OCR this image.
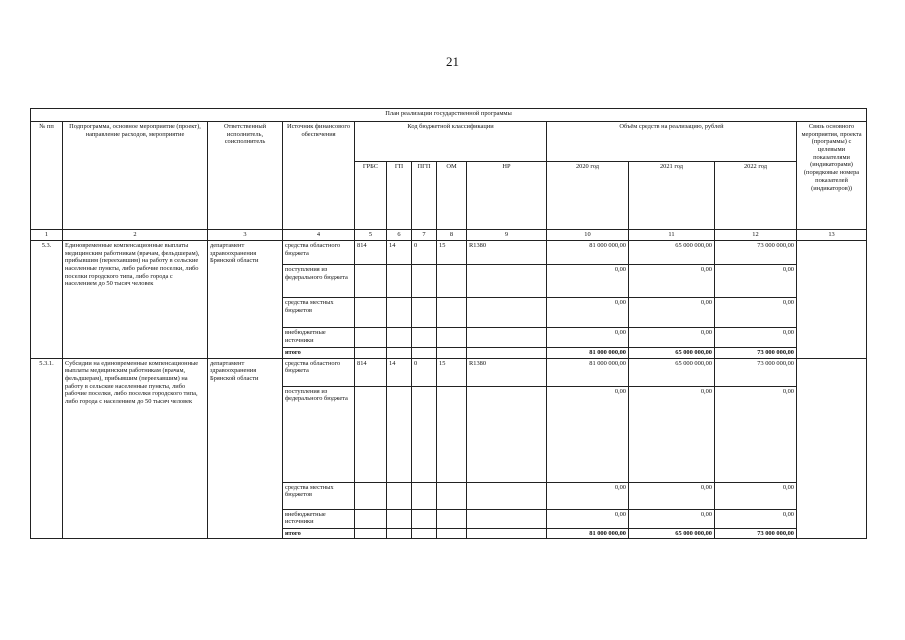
21
План реализации государственной программы												
№ пп	Подпрограмма, основное мероприятие (проект), направление расходов, мероприятие	Ответственный исполнитель, соисполнитель	Источник финансового обеспечения	Код бюджетной классификации					Объём средств на реализацию, рублей			Связь основного мероприятия, проекта (программы) с целевыми показателями (индикаторами) (порядковые номера показателей (индикаторов))
				ГРБС	ГП	ПГП	ОМ	НР	2020 год	2021 год	2022 год	
1	2	3	4	5	6	7	8	9	10	11	12	13
5.3.	Единовременные компенсационные выплаты медицинским работникам (врачам, фельдшерам), прибывшим (переехавшим) на работу в сельские населенные пункты, либо рабочие поселки, либо поселки городского типа, либо города с населением до 50 тысяч человек	департамент здравоохранения Брянской области	средства областного бюджета	814	14	0	15	R1380	81 000 000,00	65 000 000,00	73 000 000,00	
			поступления из федерального бюджета						0,00	0,00	0,00	
			средства местных бюджетов						0,00	0,00	0,00	
			внебюджетные источники						0,00	0,00	0,00	
			итого						81 000 000,00	65 000 000,00	73 000 000,00	
5.3.1.	Субсидии на единовременные компенсационные выплаты медицинским работникам (врачам, фельдшерам), прибывшим (переехавшим) на работу в сельские населенные пункты, либо рабочие поселки, либо поселки городского типа, либо города с населением до 50 тысяч человек	департамент здравоохранения Брянской области	средства областного бюджета	814	14	0	15	R1380	81 000 000,00	65 000 000,00	73 000 000,00	
			поступления из федерального бюджета						0,00	0,00	0,00	
			средства местных бюджетов						0,00	0,00	0,00	
			внебюджетные источники						0,00	0,00	0,00	
			итого						81 000 000,00	65 000 000,00	73 000 000,00	
